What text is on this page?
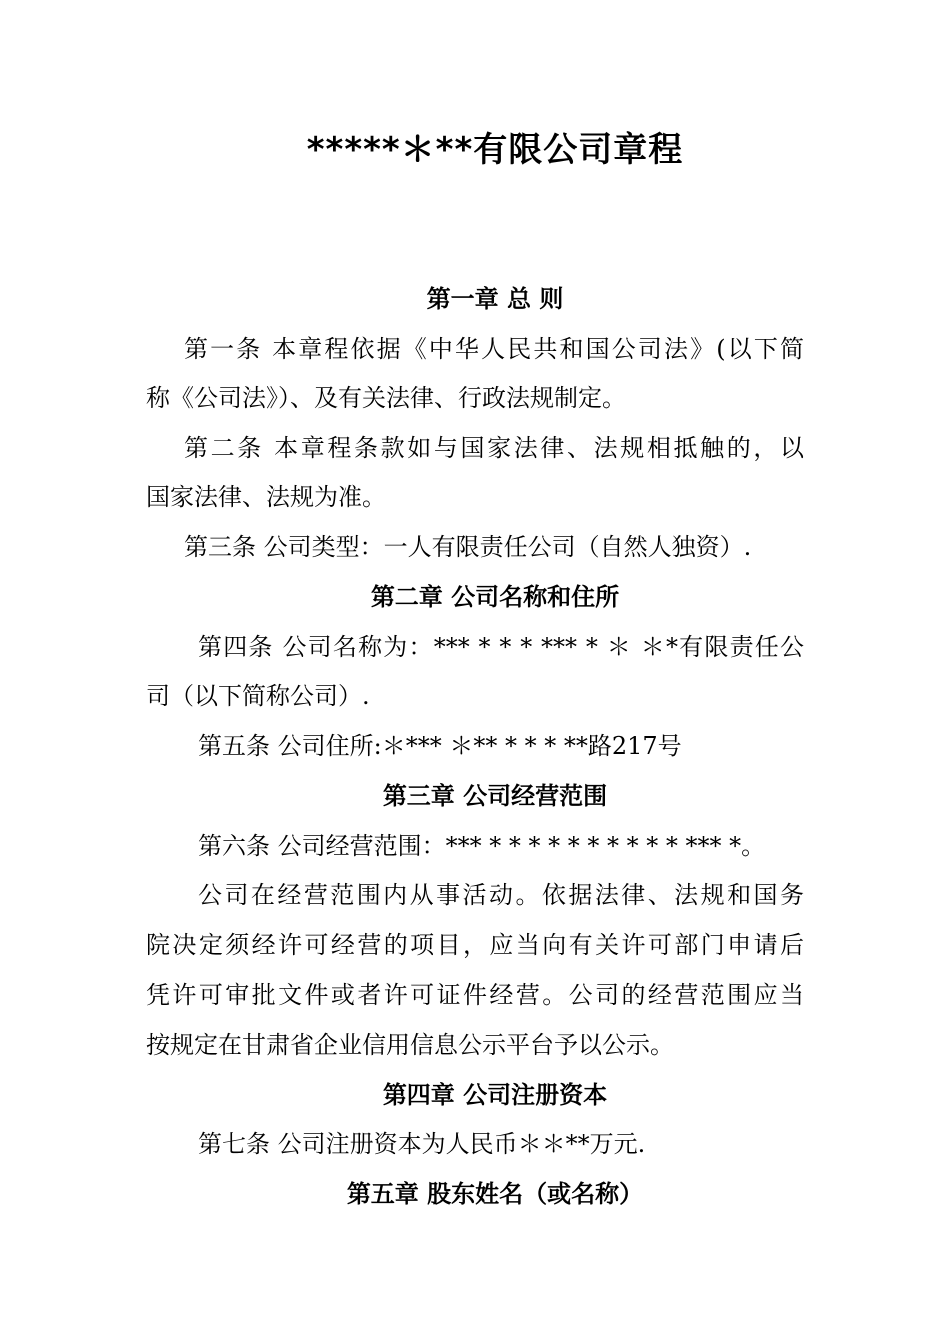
*****＊**有限公司章程
第一章 总 则
第一条 本章程依据《中华人民共和国公司法》(以下简
称《公司法》）、及有关法律、行政法规制定。
第二条 本章程条款如与国家法律、法规相抵触的，以
国家法律、法规为准。
第三条 公司类型：一人有限责任公司（自然人独资）.
第二章 公司名称和住所
第四条 公司名称为：*** * * * *** * ＊ ＊*有限责任公
司（以下简称公司）.
第五条 公司住所:＊*** ＊** * * * **路217号
第三章 公司经营范围
第六条 公司经营范围：*** * * * * * * * * * * *** *。
公司在经营范围内从事活动。依据法律、法规和国务
院决定须经许可经营的项目，应当向有关许可部门申请后
凭许可审批文件或者许可证件经营。公司的经营范围应当
按规定在甘肃省企业信用信息公示平台予以公示。
第四章 公司注册资本
第七条 公司注册资本为人民币＊＊**万元.
第五章 股东姓名（或名称）
